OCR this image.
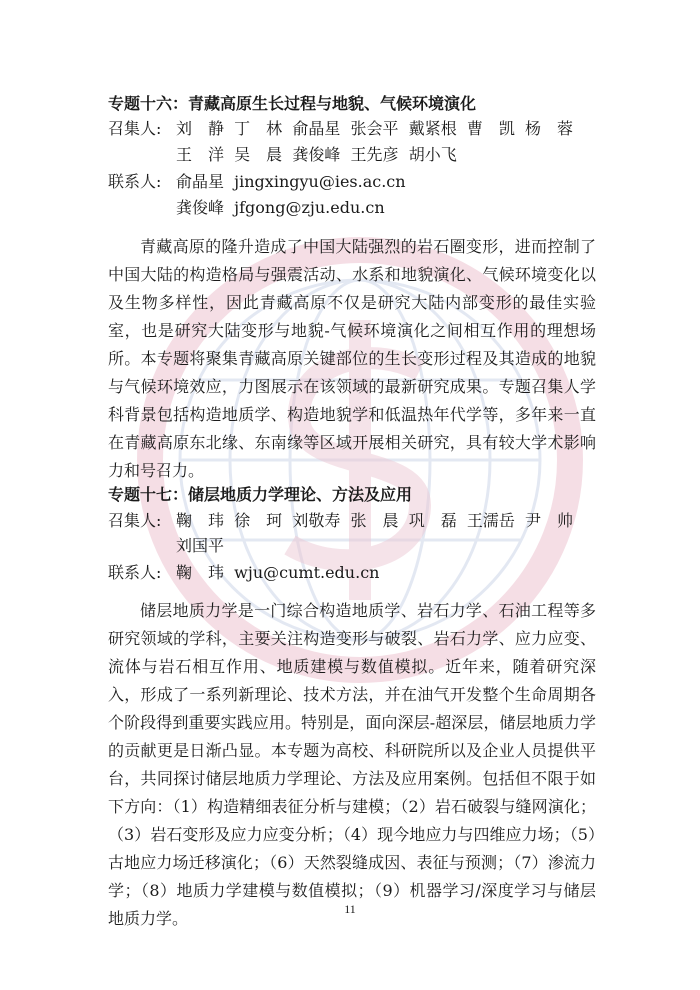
专题十六：青藏高原生长过程与地貌、气候环境演化
召集人: 刘　静  丁　林  俞晶星  张会平  戴紧根  曹　凯  杨　蓉
王　洋  吴　晨  龚俊峰  王先彦  胡小飞
联系人: 俞晶星  jingxingyu@ies.ac.cn
龚俊峰  jfgong@zju.edu.cn

青藏高原的隆升造成了中国大陆强烈的岩石圈变形，进而控制了中国大陆的构造格局与强震活动、水系和地貌演化、气候环境变化以及生物多样性，因此青藏高原不仅是研究大陆内部变形的最佳实验室，也是研究大陆变形与地貌-气候环境演化之间相互作用的理想场所。本专题将聚集青藏高原关键部位的生长变形过程及其造成的地貌与气候环境效应，力图展示在该领域的最新研究成果。专题召集人学科背景包括构造地质学、构造地貌学和低温热年代学等，多年来一直在青藏高原东北缘、东南缘等区域开展相关研究，具有较大学术影响力和号召力。

专题十七：储层地质力学理论、方法及应用
召集人: 鞠　玮  徐　珂  刘敬寿  张　晨  巩　磊  王濡岳  尹　帅
刘国平
联系人: 鞠　玮  wju@cumt.edu.cn

储层地质力学是一门综合构造地质学、岩石力学、石油工程等多研究领域的学科，主要关注构造变形与破裂、岩石力学、应力应变、流体与岩石相互作用、地质建模与数值模拟。近年来，随着研究深入，形成了一系列新理论、技术方法，并在油气开发整个生命周期各个阶段得到重要实践应用。特别是，面向深层-超深层，储层地质力学的贡献更是日渐凸显。本专题为高校、科研院所以及企业人员提供平台，共同探讨储层地质力学理论、方法及应用案例。包括但不限于如下方向：（1）构造精细表征分析与建模；（2）岩石破裂与缝网演化；（3）岩石变形及应力应变分析；（4）现今地应力与四维应力场；（5）古地应力场迁移演化；（6）天然裂缝成因、表征与预测；（7）渗流力学；（8）地质力学建模与数值模拟；（9）机器学习/深度学习与储层地质力学。	11
